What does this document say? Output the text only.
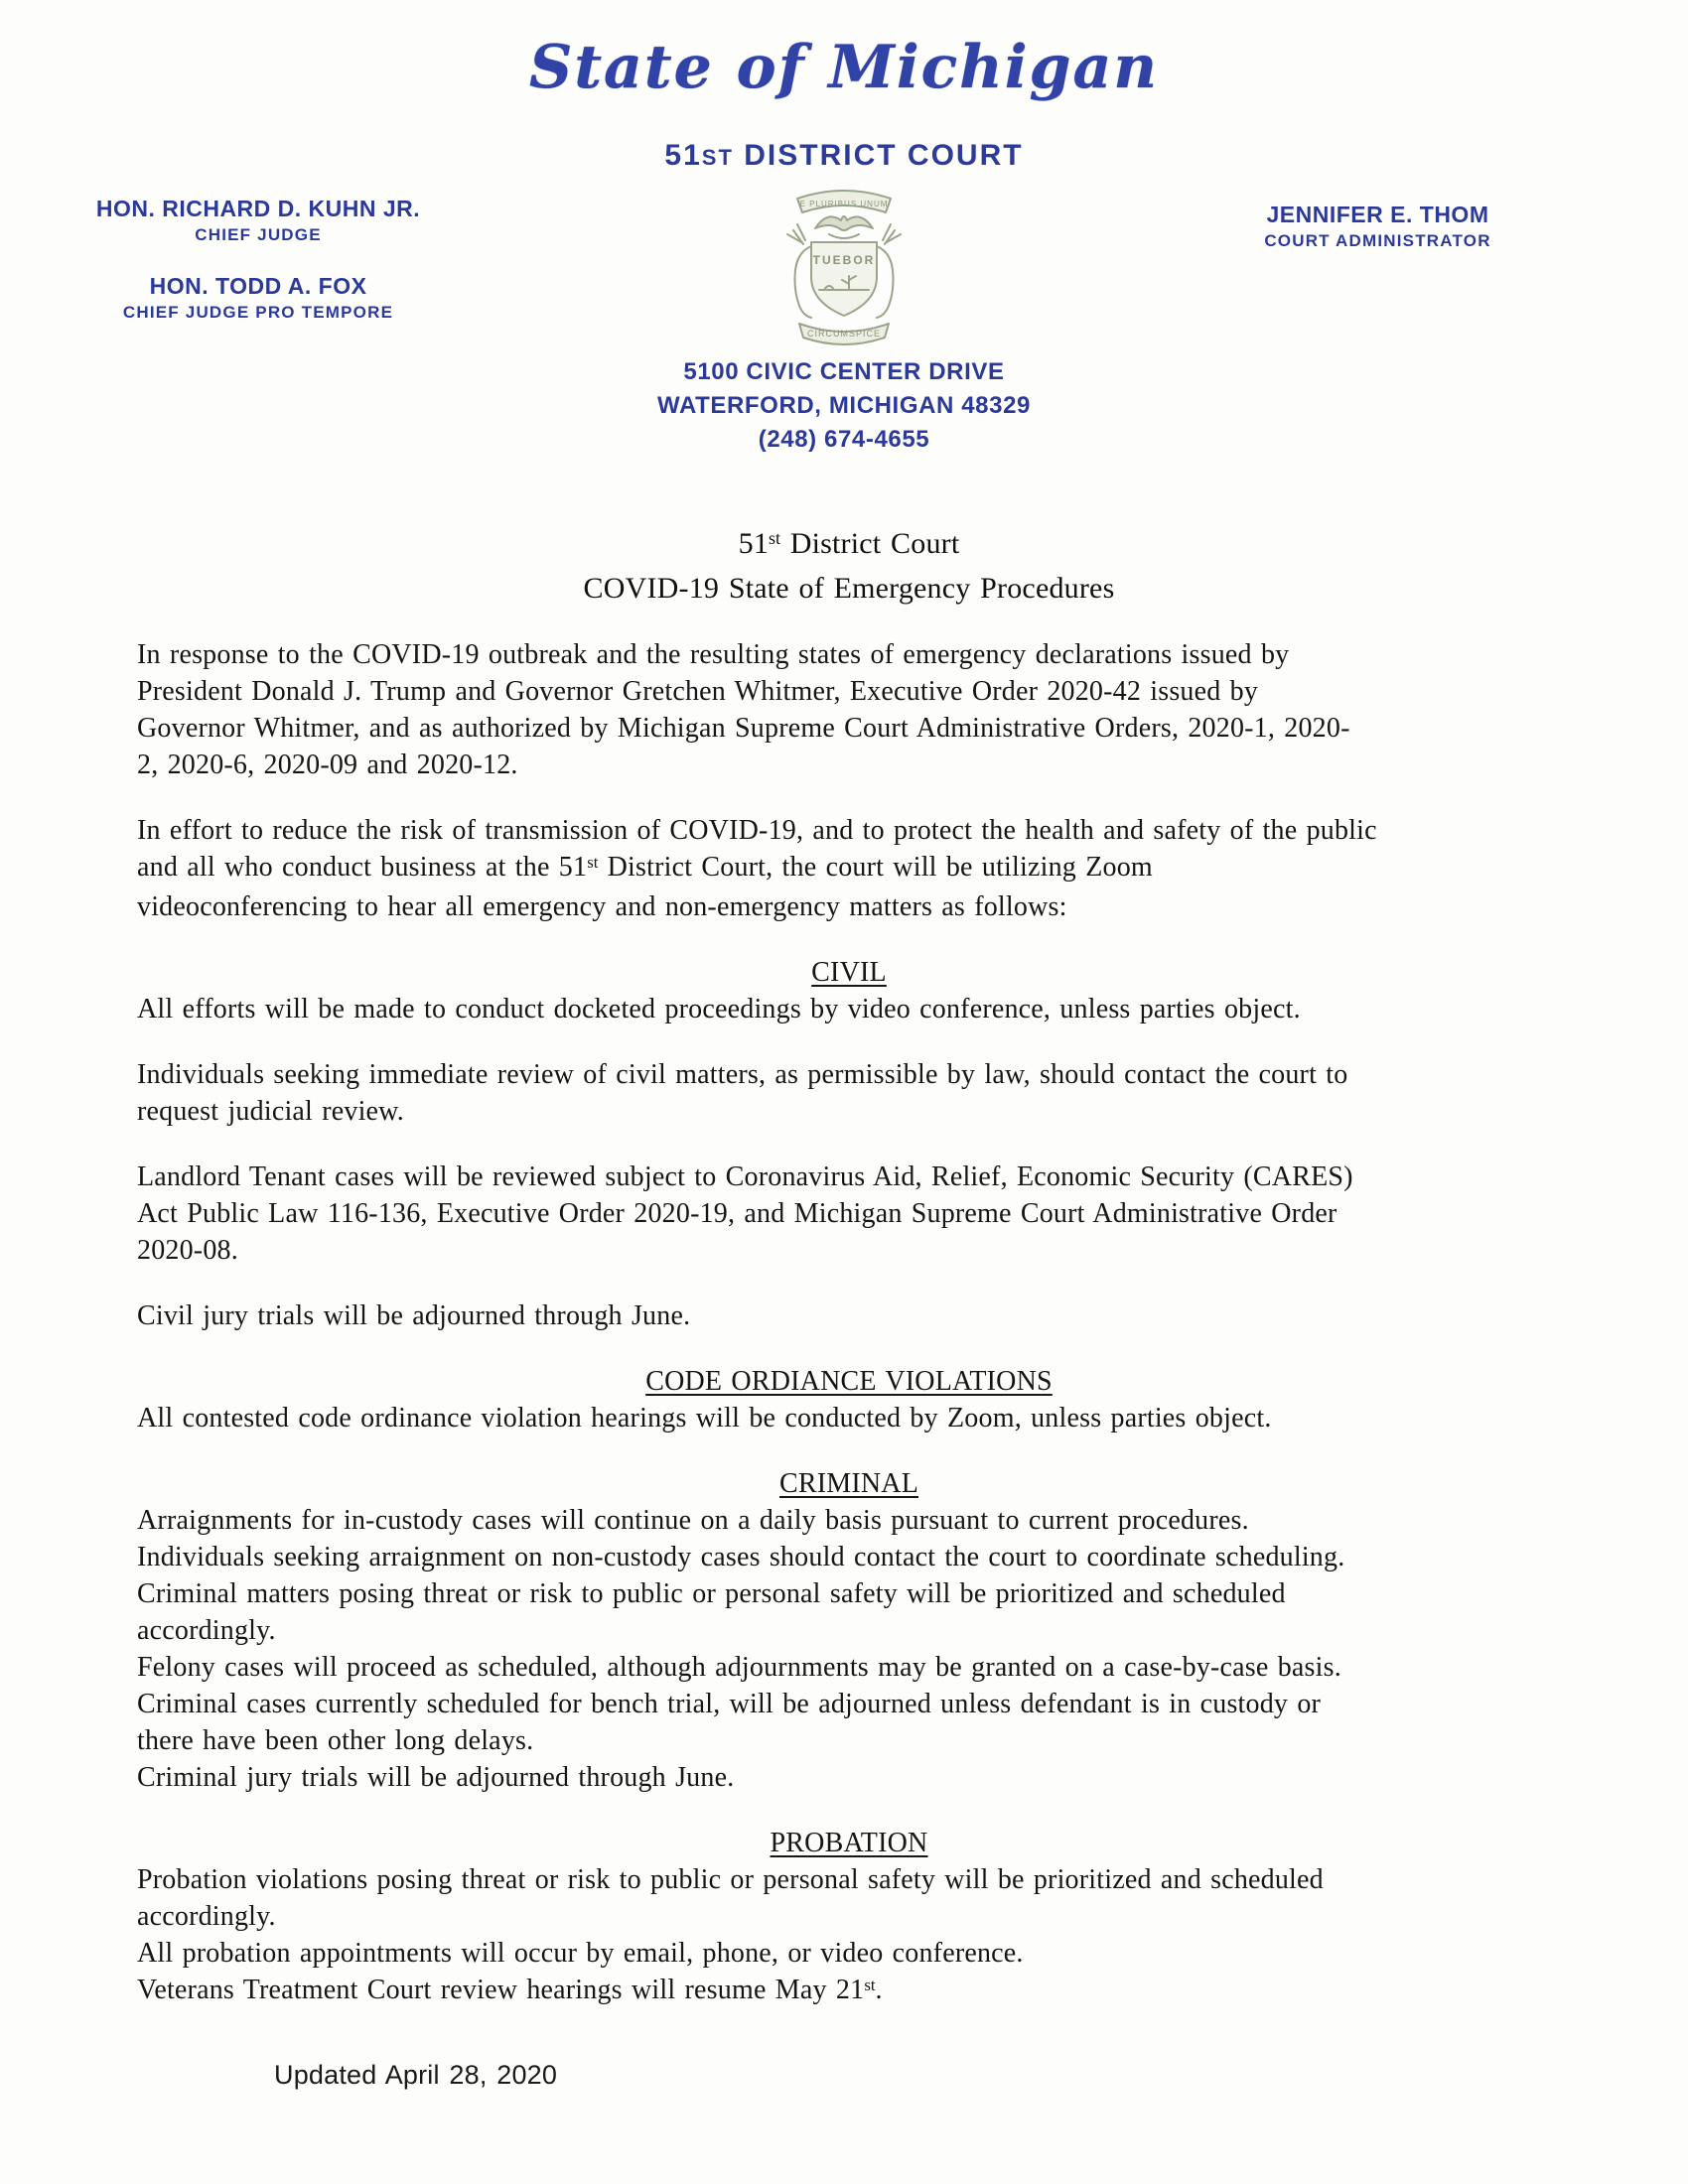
State of Michigan
51ST DISTRICT COURT
HON. RICHARD D. KUHN JR.
CHIEF JUDGE
HON. TODD A. FOX
CHIEF JUDGE PRO TEMPORE
JENNIFER E. THOM
COURT ADMINISTRATOR
E PLURIBUS UNUM
TUEBOR
CIRCUMSPICE
5100 CIVIC CENTER DRIVE
WATERFORD, MICHIGAN 48329
(248) 674-4655
51st District Court
COVID-19 State of Emergency Procedures
In response to the COVID-19 outbreak and the resulting states of emergency declarations issued by
President Donald J. Trump and Governor Gretchen Whitmer, Executive Order 2020-42 issued by
Governor Whitmer, and as authorized by Michigan Supreme Court Administrative Orders, 2020-1, 2020-
2, 2020-6, 2020-09 and 2020-12.
In effort to reduce the risk of transmission of COVID-19, and to protect the health and safety of the public
and all who conduct business at the 51st District Court, the court will be utilizing Zoom
videoconferencing to hear all emergency and non-emergency matters as follows:
CIVIL
All efforts will be made to conduct docketed proceedings by video conference, unless parties object.
Individuals seeking immediate review of civil matters, as permissible by law, should contact the court to
request judicial review.
Landlord Tenant cases will be reviewed subject to Coronavirus Aid, Relief, Economic Security (CARES)
Act Public Law 116-136, Executive Order 2020-19, and Michigan Supreme Court Administrative Order
2020-08.
Civil jury trials will be adjourned through June.
CODE ORDIANCE VIOLATIONS
All contested code ordinance violation hearings will be conducted by Zoom, unless parties object.
CRIMINAL
Arraignments for in-custody cases will continue on a daily basis pursuant to current procedures.
Individuals seeking arraignment on non-custody cases should contact the court to coordinate scheduling.
Criminal matters posing threat or risk to public or personal safety will be prioritized and scheduled
accordingly.
Felony cases will proceed as scheduled, although adjournments may be granted on a case-by-case basis.
Criminal cases currently scheduled for bench trial, will be adjourned unless defendant is in custody or
there have been other long delays.
Criminal jury trials will be adjourned through June.
PROBATION
Probation violations posing threat or risk to public or personal safety will be prioritized and scheduled
accordingly.
All probation appointments will occur by email, phone, or video conference.
Veterans Treatment Court review hearings will resume May 21st.
Updated April 28, 2020
